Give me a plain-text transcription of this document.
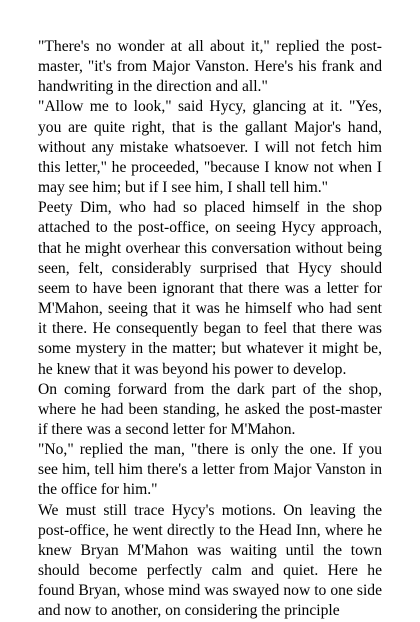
"There's no wonder at all about it," replied the post-master, "it's from Major Vanston. Here's his frank and handwriting in the direction and all."

"Allow me to look," said Hycy, glancing at it. "Yes, you are quite right, that is the gallant Major's hand, without any mistake whatsoever. I will not fetch him this letter," he proceeded, "because I know not when I may see him; but if I see him, I shall tell him."

Peety Dim, who had so placed himself in the shop attached to the post-office, on seeing Hycy approach, that he might overhear this conversation without being seen, felt, considerably surprised that Hycy should seem to have been ignorant that there was a letter for M'Mahon, seeing that it was he himself who had sent it there. He consequently began to feel that there was some mystery in the matter; but whatever it might be, he knew that it was beyond his power to develop.

On coming forward from the dark part of the shop, where he had been standing, he asked the post-master if there was a second letter for M'Mahon.

"No," replied the man, "there is only the one. If you see him, tell him there's a letter from Major Vanston in the office for him."

We must still trace Hycy's motions. On leaving the post-office, he went directly to the Head Inn, where he knew Bryan M'Mahon was waiting until the town should become perfectly calm and quiet. Here he found Bryan, whose mind was swayed now to one side and now to another, on considering the principle
